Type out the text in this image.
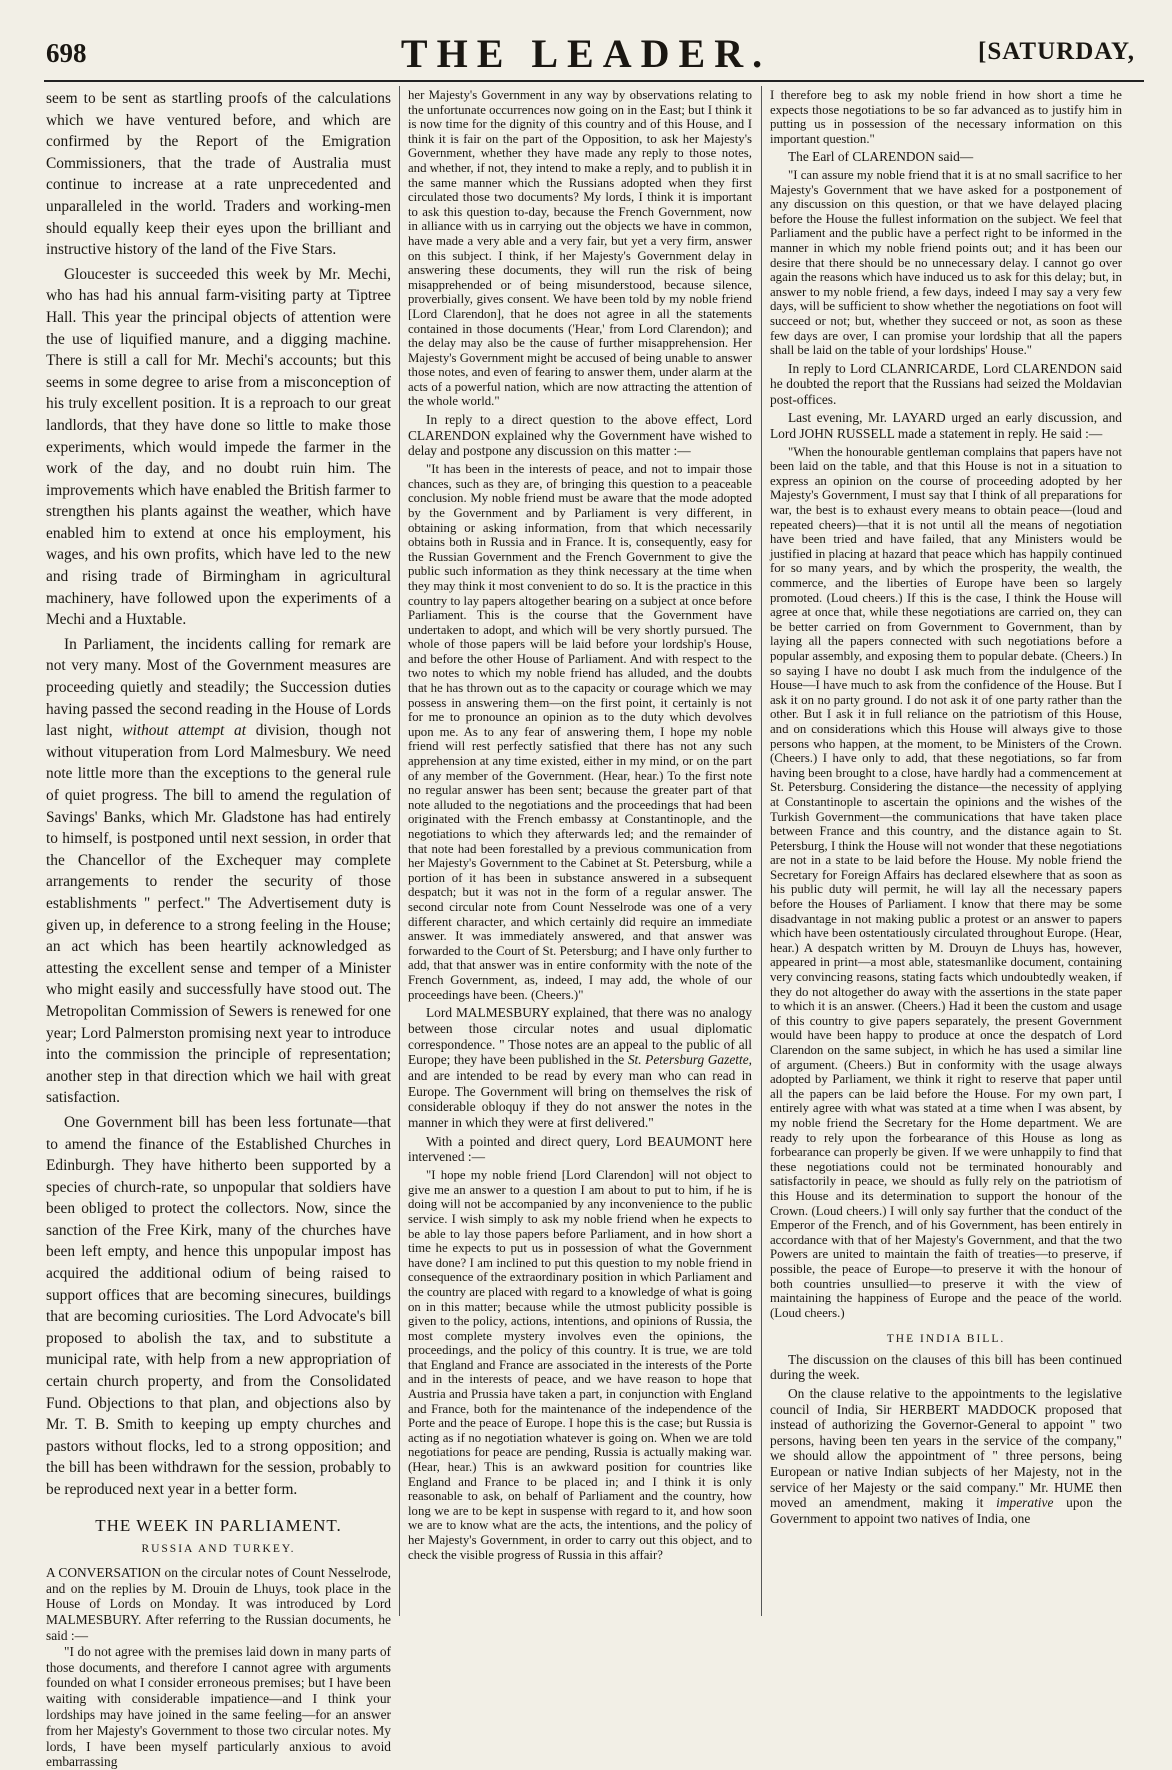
698	THE LEADER.	[SATURDAY,

seem to be sent as startling proofs of the calculations which we have ventured before, and which are confirmed by the Report of the Emigration Commissioners, that the trade of Australia must continue to increase at a rate unprecedented and unparalleled in the world. Traders and working-men should equally keep their eyes upon the brilliant and instructive history of the land of the Five Stars.

Gloucester is succeeded this week by Mr. Mechi, who has had his annual farm-visiting party at Tiptree Hall. This year the principal objects of attention were the use of liquified manure, and a digging machine. There is still a call for Mr. Mechi's accounts; but this seems in some degree to arise from a misconception of his truly excellent position. It is a reproach to our great landlords, that they have done so little to make those experiments, which would impede the farmer in the work of the day, and no doubt ruin him. The improvements which have enabled the British farmer to strengthen his plants against the weather, which have enabled him to extend at once his employment, his wages, and his own profits, which have led to the new and rising trade of Birmingham in agricultural machinery, have followed upon the experiments of a Mechi and a Huxtable.

In Parliament, the incidents calling for remark are not very many. Most of the Government measures are proceeding quietly and steadily; the Succession duties having passed the second reading in the House of Lords last night, without attempt at division, though not without vituperation from Lord Malmesbury. We need note little more than the exceptions to the general rule of quiet progress. The bill to amend the regulation of Savings' Banks, which Mr. Gladstone has had entirely to himself, is postponed until next session, in order that the Chancellor of the Exchequer may complete arrangements to render the security of those establishments " perfect." The Advertisement duty is given up, in deference to a strong feeling in the House; an act which has been heartily acknowledged as attesting the excellent sense and temper of a Minister who might easily and successfully have stood out. The Metropolitan Commission of Sewers is renewed for one year; Lord Palmerston promising next year to introduce into the commission the principle of representation; another step in that direction which we hail with great satisfaction.

One Government bill has been less fortunate—that to amend the finance of the Established Churches in Edinburgh. They have hitherto been supported by a species of church-rate, so unpopular that soldiers have been obliged to protect the collectors. Now, since the sanction of the Free Kirk, many of the churches have been left empty, and hence this unpopular impost has acquired the additional odium of being raised to support offices that are becoming sinecures, buildings that are becoming curiosities. The Lord Advocate's bill proposed to abolish the tax, and to substitute a municipal rate, with help from a new appropriation of certain church property, and from the Consolidated Fund. Objections to that plan, and objections also by Mr. T. B. Smith to keeping up empty churches and pastors without flocks, led to a strong opposition; and the bill has been withdrawn for the session, probably to be reproduced next year in a better form.

THE WEEK IN PARLIAMENT.

RUSSIA AND TURKEY.

A CONVERSATION on the circular notes of Count Nesselrode, and on the replies by M. Drouin de Lhuys, took place in the House of Lords on Monday. It was introduced by Lord MALMESBURY. After referring to the Russian documents, he said :—

"I do not agree with the premises laid down in many parts of those documents, and therefore I cannot agree with arguments founded on what I consider erroneous premises; but I have been waiting with considerable impatience—and I think your lordships may have joined in the same feeling—for an answer from her Majesty's Government to those two circular notes. My lords, I have been myself particularly anxious to avoid embarrassing

her Majesty's Government in any way by observations relating to the unfortunate occurrences now going on in the East; but I think it is now time for the dignity of this country and of this House, and I think it is fair on the part of the Opposition, to ask her Majesty's Government, whether they have made any reply to those notes, and whether, if not, they intend to make a reply, and to publish it in the same manner which the Russians adopted when they first circulated those two documents? My lords, I think it is important to ask this question to-day, because the French Government, now in alliance with us in carrying out the objects we have in common, have made a very able and a very fair, but yet a very firm, answer on this subject. I think, if her Majesty's Government delay in answering these documents, they will run the risk of being misapprehended or of being misunderstood, because silence, proverbially, gives consent. We have been told by my noble friend [Lord Clarendon], that he does not agree in all the statements contained in those documents ('Hear,' from Lord Clarendon); and the delay may also be the cause of further misapprehension. Her Majesty's Government might be accused of being unable to answer those notes, and even of fearing to answer them, under alarm at the acts of a powerful nation, which are now attracting the attention of the whole world."

In reply to a direct question to the above effect, Lord CLARENDON explained why the Government have wished to delay and postpone any discussion on this matter :—

"It has been in the interests of peace, and not to impair those chances, such as they are, of bringing this question to a peaceable conclusion. My noble friend must be aware that the mode adopted by the Government and by Parliament is very different, in obtaining or asking information, from that which necessarily obtains both in Russia and in France. It is, consequently, easy for the Russian Government and the French Government to give the public such information as they think necessary at the time when they may think it most convenient to do so. It is the practice in this country to lay papers altogether bearing on a subject at once before Parliament. This is the course that the Government have undertaken to adopt, and which will be very shortly pursued. The whole of those papers will be laid before your lordship's House, and before the other House of Parliament. And with respect to the two notes to which my noble friend has alluded, and the doubts that he has thrown out as to the capacity or courage which we may possess in answering them—on the first point, it certainly is not for me to pronounce an opinion as to the duty which devolves upon me. As to any fear of answering them, I hope my noble friend will rest perfectly satisfied that there has not any such apprehension at any time existed, either in my mind, or on the part of any member of the Government. (Hear, hear.) To the first note no regular answer has been sent; because the greater part of that note alluded to the negotiations and the proceedings that had been originated with the French embassy at Constantinople, and the negotiations to which they afterwards led; and the remainder of that note had been forestalled by a previous communication from her Majesty's Government to the Cabinet at St. Petersburg, while a portion of it has been in substance answered in a subsequent despatch; but it was not in the form of a regular answer. The second circular note from Count Nesselrode was one of a very different character, and which certainly did require an immediate answer. It was immediately answered, and that answer was forwarded to the Court of St. Petersburg; and I have only further to add, that that answer was in entire conformity with the note of the French Government, as, indeed, I may add, the whole of our proceedings have been. (Cheers.)"

Lord MALMESBURY explained, that there was no analogy between those circular notes and usual diplomatic correspondence. " Those notes are an appeal to the public of all Europe; they have been published in the St. Petersburg Gazette, and are intended to be read by every man who can read in Europe. The Government will bring on themselves the risk of considerable obloquy if they do not answer the notes in the manner in which they were at first delivered."

With a pointed and direct query, Lord BEAUMONT here intervened :—

"I hope my noble friend [Lord Clarendon] will not object to give me an answer to a question I am about to put to him, if he is doing will not be accompanied by any inconvenience to the public service. I wish simply to ask my noble friend when he expects to be able to lay those papers before Parliament, and in how short a time he expects to put us in possession of what the Government have done? I am inclined to put this question to my noble friend in consequence of the extraordinary position in which Parliament and the country are placed with regard to a knowledge of what is going on in this matter; because while the utmost publicity possible is given to the policy, actions, intentions, and opinions of Russia, the most complete mystery involves even the opinions, the proceedings, and the policy of this country. It is true, we are told that England and France are associated in the interests of the Porte and in the interests of peace, and we have reason to hope that Austria and Prussia have taken a part, in conjunction with England and France, both for the maintenance of the independence of the Porte and the peace of Europe. I hope this is the case; but Russia is acting as if no negotiation whatever is going on. When we are told negotiations for peace are pending, Russia is actually making war. (Hear, hear.) This is an awkward position for countries like England and France to be placed in; and I think it is only reasonable to ask, on behalf of Parliament and the country, how long we are to be kept in suspense with regard to it, and how soon we are to know what are the acts, the intentions, and the policy of her Majesty's Government, in order to carry out this object, and to check the visible progress of Russia in this affair?

I therefore beg to ask my noble friend in how short a time he expects those negotiations to be so far advanced as to justify him in putting us in possession of the necessary information on this important question."

The Earl of CLARENDON said—

"I can assure my noble friend that it is at no small sacrifice to her Majesty's Government that we have asked for a postponement of any discussion on this question, or that we have delayed placing before the House the fullest information on the subject. We feel that Parliament and the public have a perfect right to be informed in the manner in which my noble friend points out; and it has been our desire that there should be no unnecessary delay. I cannot go over again the reasons which have induced us to ask for this delay; but, in answer to my noble friend, a few days, indeed I may say a very few days, will be sufficient to show whether the negotiations on foot will succeed or not; but, whether they succeed or not, as soon as these few days are over, I can promise your lordship that all the papers shall be laid on the table of your lordships' House."

In reply to Lord CLANRICARDE, Lord CLARENDON said he doubted the report that the Russians had seized the Moldavian post-offices.

Last evening, Mr. LAYARD urged an early discussion, and Lord JOHN RUSSELL made a statement in reply. He said :—

"When the honourable gentleman complains that papers have not been laid on the table, and that this House is not in a situation to express an opinion on the course of proceeding adopted by her Majesty's Government, I must say that I think of all preparations for war, the best is to exhaust every means to obtain peace—(loud and repeated cheers)—that it is not until all the means of negotiation have been tried and have failed, that any Ministers would be justified in placing at hazard that peace which has happily continued for so many years, and by which the prosperity, the wealth, the commerce, and the liberties of Europe have been so largely promoted. (Loud cheers.) If this is the case, I think the House will agree at once that, while these negotiations are carried on, they can be better carried on from Government to Government, than by laying all the papers connected with such negotiations before a popular assembly, and exposing them to popular debate. (Cheers.) In so saying I have no doubt I ask much from the indulgence of the House—I have much to ask from the confidence of the House. But I ask it on no party ground. I do not ask it of one party rather than the other. But I ask it in full reliance on the patriotism of this House, and on considerations which this House will always give to those persons who happen, at the moment, to be Ministers of the Crown. (Cheers.) I have only to add, that these negotiations, so far from having been brought to a close, have hardly had a commencement at St. Petersburg. Considering the distance—the necessity of applying at Constantinople to ascertain the opinions and the wishes of the Turkish Government—the communications that have taken place between France and this country, and the distance again to St. Petersburg, I think the House will not wonder that these negotiations are not in a state to be laid before the House. My noble friend the Secretary for Foreign Affairs has declared elsewhere that as soon as his public duty will permit, he will lay all the necessary papers before the Houses of Parliament. I know that there may be some disadvantage in not making public a protest or an answer to papers which have been ostentatiously circulated throughout Europe. (Hear, hear.) A despatch written by M. Drouyn de Lhuys has, however, appeared in print—a most able, statesmanlike document, containing very convincing reasons, stating facts which undoubtedly weaken, if they do not altogether do away with the assertions in the state paper to which it is an answer. (Cheers.) Had it been the custom and usage of this country to give papers separately, the present Government would have been happy to produce at once the despatch of Lord Clarendon on the same subject, in which he has used a similar line of argument. (Cheers.) But in conformity with the usage always adopted by Parliament, we think it right to reserve that paper until all the papers can be laid before the House. For my own part, I entirely agree with what was stated at a time when I was absent, by my noble friend the Secretary for the Home department. We are ready to rely upon the forbearance of this House as long as forbearance can properly be given. If we were unhappily to find that these negotiations could not be terminated honourably and satisfactorily in peace, we should as fully rely on the patriotism of this House and its determination to support the honour of the Crown. (Loud cheers.) I will only say further that the conduct of the Emperor of the French, and of his Government, has been entirely in accordance with that of her Majesty's Government, and that the two Powers are united to maintain the faith of treaties—to preserve, if possible, the peace of Europe—to preserve it with the honour of both countries unsullied—to preserve it with the view of maintaining the happiness of Europe and the peace of the world. (Loud cheers.)

THE INDIA BILL.

The discussion on the clauses of this bill has been continued during the week.

On the clause relative to the appointments to the legislative council of India, Sir HERBERT MADDOCK proposed that instead of authorizing the Governor-General to appoint " two persons, having been ten years in the service of the company," we should allow the appointment of " three persons, being European or native Indian subjects of her Majesty, not in the service of her Majesty or the said company." Mr. HUME then moved an amendment, making it imperative upon the Government to appoint two natives of India, one
